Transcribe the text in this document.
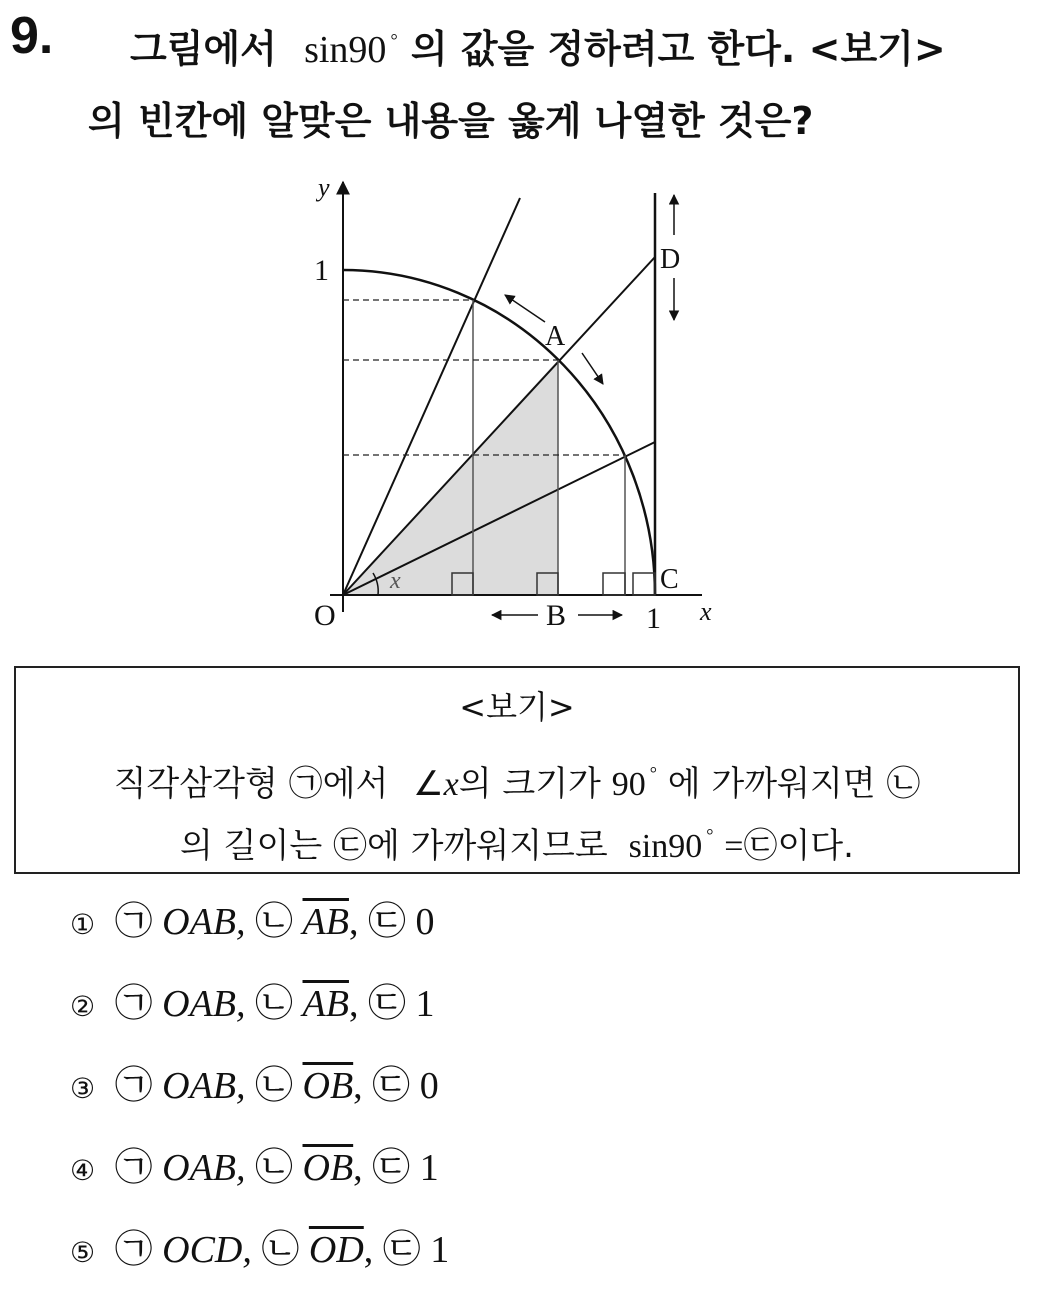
9. 그림에서 sin90 ° 의 값을 정하려고 한다. <보기>
의 빈칸에 알맞은 내용을 옳게 나열한 것은?
y
1
O
x
A
B	1 x
C
D
<보기>
직각삼각형 ㉠에서 ∠x의 크기가 90 ° 에 가까워지면 ㉡
의 길이는 ㉢에 가까워지므로 sin90 ° =㉢이다.
① ㉠ OAB, ㉡ $\overline{AB}$, ㉢ 0
② ㉠ OAB, ㉡ $\overline{AB}$, ㉢ 1
③ ㉠ OAB, ㉡ $\overline{OB}$, ㉢ 0
④ ㉠ OAB, ㉡ $\overline{OB}$, ㉢ 1
⑤ ㉠ OCD, ㉡ $\overline{OD}$, ㉢ 1
